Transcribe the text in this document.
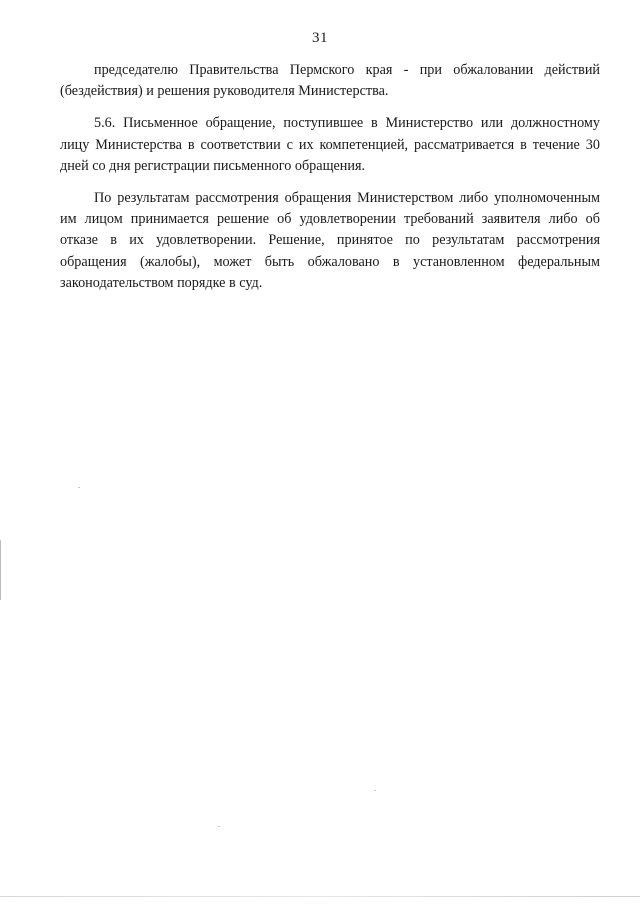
31

председателю Правительства Пермского края - при обжаловании действий (бездействия) и решения руководителя Министерства.

5.6. Письменное обращение, поступившее в Министерство или должностному лицу Министерства в соответствии с их компетенцией, рассматривается в течение 30 дней со дня регистрации письменного обращения.

По результатам рассмотрения обращения Министерством либо уполномоченным им лицом принимается решение об удовлетворении требований заявителя либо об отказе в их удовлетворении. Решение, принятое по результатам рассмотрения обращения (жалобы), может быть обжаловано в установленном федеральным законодательством порядке в суд.
